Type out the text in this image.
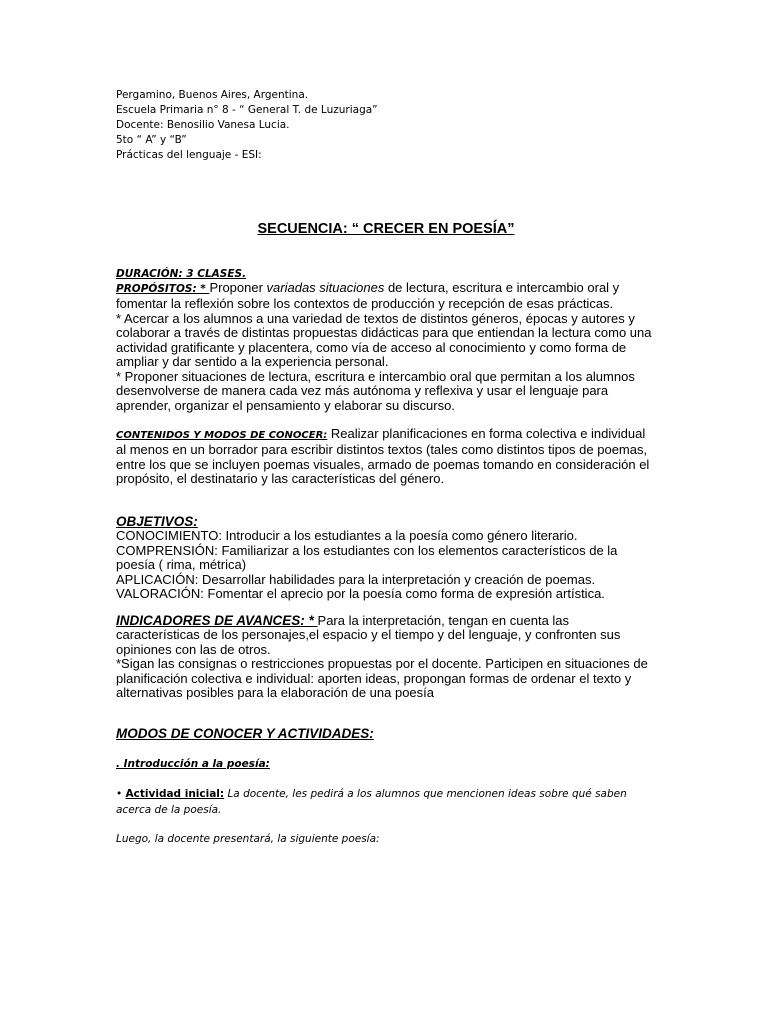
Pergamino, Buenos Aires, Argentina.
Escuela Primaria n° 8 - “ General T. de Luzuriaga”
Docente: Benosilio Vanesa Lucia.
5to “ A” y “B”
Prácticas del lenguaje - ESI:
SECUENCIA: “ CRECER EN POESÍA”
DURACIÓN: 3 CLASES.

PROPÓSITOS: * Proponer variadas situaciones de lectura, escritura e intercambio oral y fomentar la reflexión sobre los contextos de producción y recepción de esas prácticas.

* Acercar a los alumnos a una variedad de textos de distintos géneros, épocas y autores y colaborar a través de distintas propuestas didácticas para que entiendan la lectura como una actividad gratificante y placentera, como vía de acceso al conocimiento y como forma de ampliar y dar sentido a la experiencia personal.

* Proponer situaciones de lectura, escritura e intercambio oral que permitan a los alumnos desenvolverse de manera cada vez más autónoma y reflexiva y usar el lenguaje para aprender, organizar el pensamiento y elaborar su discurso.

CONTENIDOS Y MODOS DE CONOCER: Realizar planificaciones en forma colectiva e individual al menos en un borrador para escribir distintos textos (tales como distintos tipos de poemas, entre los que se incluyen poemas visuales, armado de poemas tomando en consideración el propósito, el destinatario y las características del género.

OBJETIVOS:
CONOCIMIENTO: Introducir a los estudiantes a la poesía como género literario.
COMPRENSIÓN: Familiarizar a los estudiantes con los elementos característicos de la poesía ( rima, métrica)
APLICACIÓN: Desarrollar habilidades para la interpretación y creación de poemas.
VALORACIÓN: Fomentar el aprecio por la poesía como forma de expresión artística.

INDICADORES DE AVANCES: * Para la interpretación, tengan en cuenta las características de los personajes,el espacio y el tiempo y del lenguaje, y confronten sus opiniones con las de otros.

*Sigan las consignas o restricciones propuestas por el docente. Participen en situaciones de planificación colectiva e individual: aporten ideas, propongan formas de ordenar el texto y alternativas posibles para la elaboración de una poesía

MODOS DE CONOCER Y ACTIVIDADES:
. Introducción a la poesía:

• Actividad inicial: La docente, les pedirá a los alumnos que mencionen ideas sobre qué saben acerca de la poesía.

Luego, la docente presentará, la siguiente poesía:
